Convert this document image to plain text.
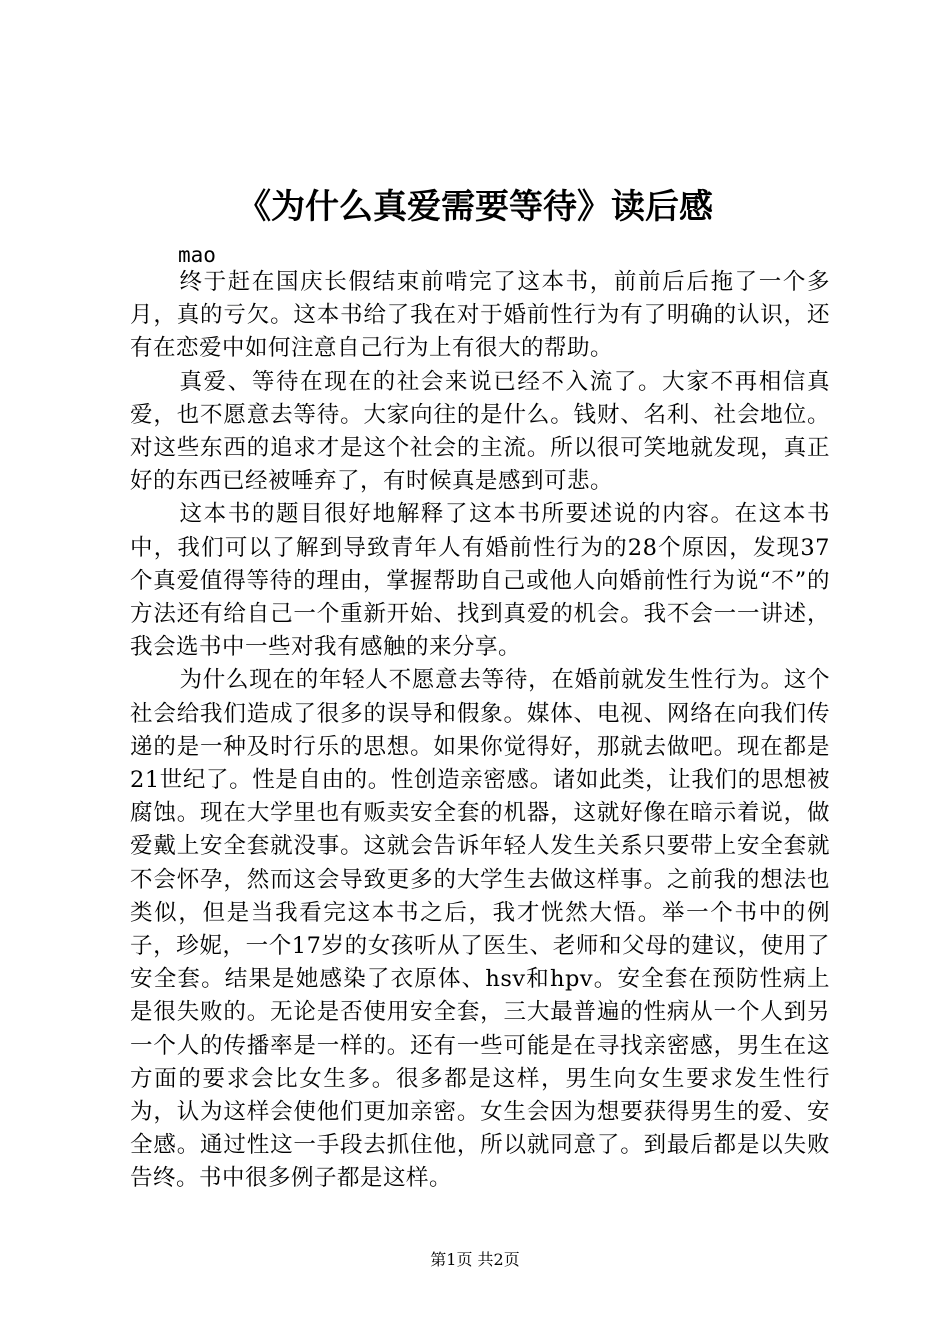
《为什么真爱需要等待》读后感
mao

终于赶在国庆长假结束前啃完了这本书，前前后后拖了一个多月，真的亏欠。这本书给了我在对于婚前性行为有了明确的认识，还有在恋爱中如何注意自己行为上有很大的帮助。

真爱、等待在现在的社会来说已经不入流了。大家不再相信真爱，也不愿意去等待。大家向往的是什么。钱财、名利、社会地位。对这些东西的追求才是这个社会的主流。所以很可笑地就发现，真正好的东西已经被唾弃了，有时候真是感到可悲。

这本书的题目很好地解释了这本书所要述说的内容。在这本书中，我们可以了解到导致青年人有婚前性行为的28个原因，发现37个真爱值得等待的理由，掌握帮助自己或他人向婚前性行为说“不”的方法还有给自己一个重新开始、找到真爱的机会。我不会一一讲述，我会选书中一些对我有感触的来分享。

为什么现在的年轻人不愿意去等待，在婚前就发生性行为。这个社会给我们造成了很多的误导和假象。媒体、电视、网络在向我们传递的是一种及时行乐的思想。如果你觉得好，那就去做吧。现在都是21世纪了。性是自由的。性创造亲密感。诸如此类，让我们的思想被腐蚀。现在大学里也有贩卖安全套的机器，这就好像在暗示着说，做爱戴上安全套就没事。这就会告诉年轻人发生关系只要带上安全套就不会怀孕，然而这会导致更多的大学生去做这样事。之前我的想法也类似，但是当我看完这本书之后，我才恍然大悟。举一个书中的例子，珍妮，一个17岁的女孩听从了医生、老师和父母的建议，使用了安全套。结果是她感染了衣原体、hsv和hpv。安全套在预防性病上是很失败的。无论是否使用安全套，三大最普遍的性病从一个人到另一个人的传播率是一样的。还有一些可能是在寻找亲密感，男生在这方面的要求会比女生多。很多都是这样，男生向女生要求发生性行为，认为这样会使他们更加亲密。女生会因为想要获得男生的爱、安全感。通过性这一手段去抓住他，所以就同意了。到最后都是以失败告终。书中很多例子都是这样。

第1页 共2页
